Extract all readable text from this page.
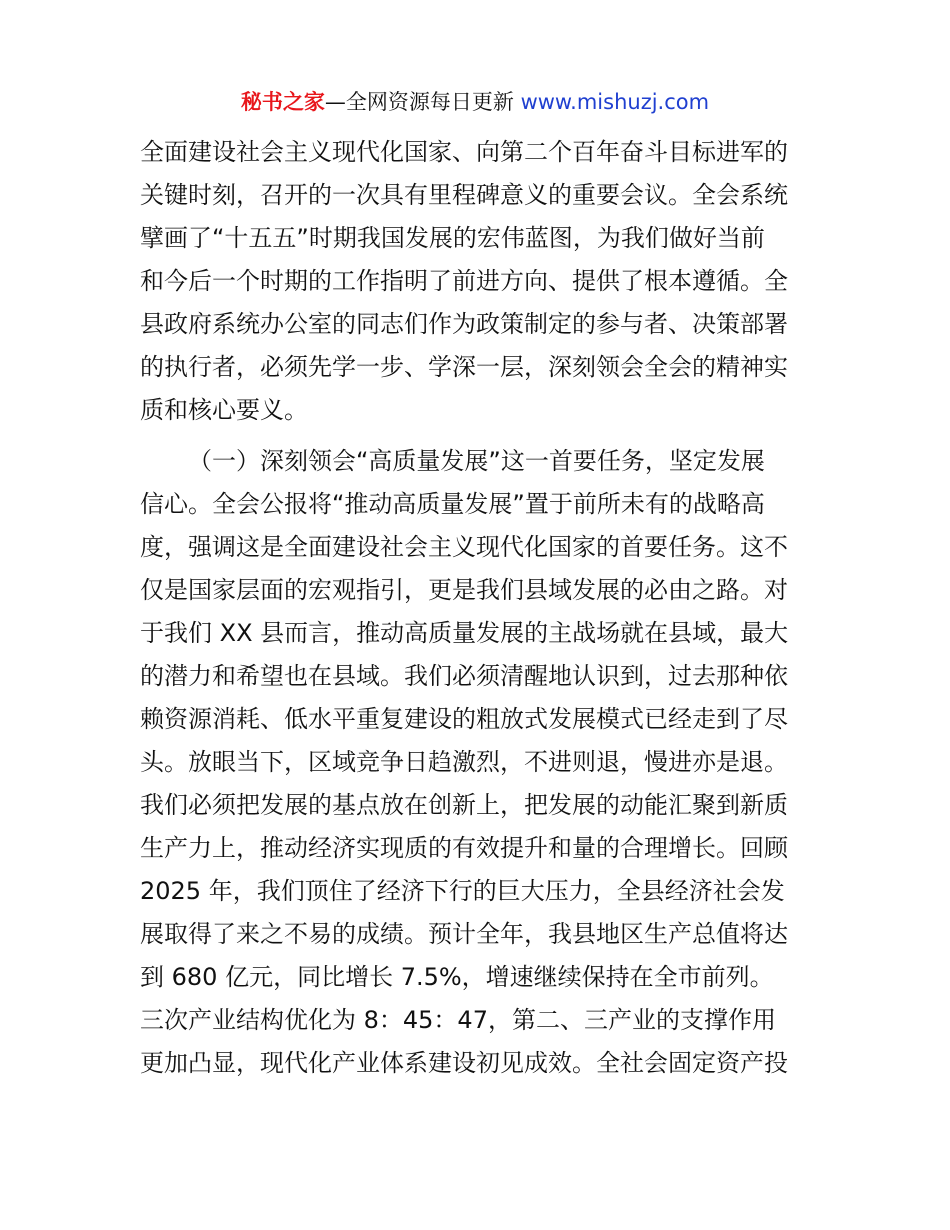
秘书之家—全网资源每日更新 www.mishuzj.com

全面建设社会主义现代化国家、向第二个百年奋斗目标进军的
关键时刻，召开的一次具有里程碑意义的重要会议。全会系统
擘画了“十五五”时期我国发展的宏伟蓝图，为我们做好当前
和今后一个时期的工作指明了前进方向、提供了根本遵循。全
县政府系统办公室的同志们作为政策制定的参与者、决策部署
的执行者，必须先学一步、学深一层，深刻领会全会的精神实
质和核心要义。

（一）深刻领会“高质量发展”这一首要任务，坚定发展
信心。全会公报将“推动高质量发展”置于前所未有的战略高
度，强调这是全面建设社会主义现代化国家的首要任务。这不
仅是国家层面的宏观指引，更是我们县域发展的必由之路。对
于我们 XX 县而言，推动高质量发展的主战场就在县域，最大
的潜力和希望也在县域。我们必须清醒地认识到，过去那种依
赖资源消耗、低水平重复建设的粗放式发展模式已经走到了尽
头。放眼当下，区域竞争日趋激烈，不进则退，慢进亦是退。
我们必须把发展的基点放在创新上，把发展的动能汇聚到新质
生产力上，推动经济实现质的有效提升和量的合理增长。回顾
2025 年，我们顶住了经济下行的巨大压力，全县经济社会发
展取得了来之不易的成绩。预计全年，我县地区生产总值将达
到 680 亿元，同比增长 7.5%，增速继续保持在全市前列。
三次产业结构优化为 8：45：47，第二、三产业的支撑作用
更加凸显，现代化产业体系建设初见成效。全社会固定资产投
